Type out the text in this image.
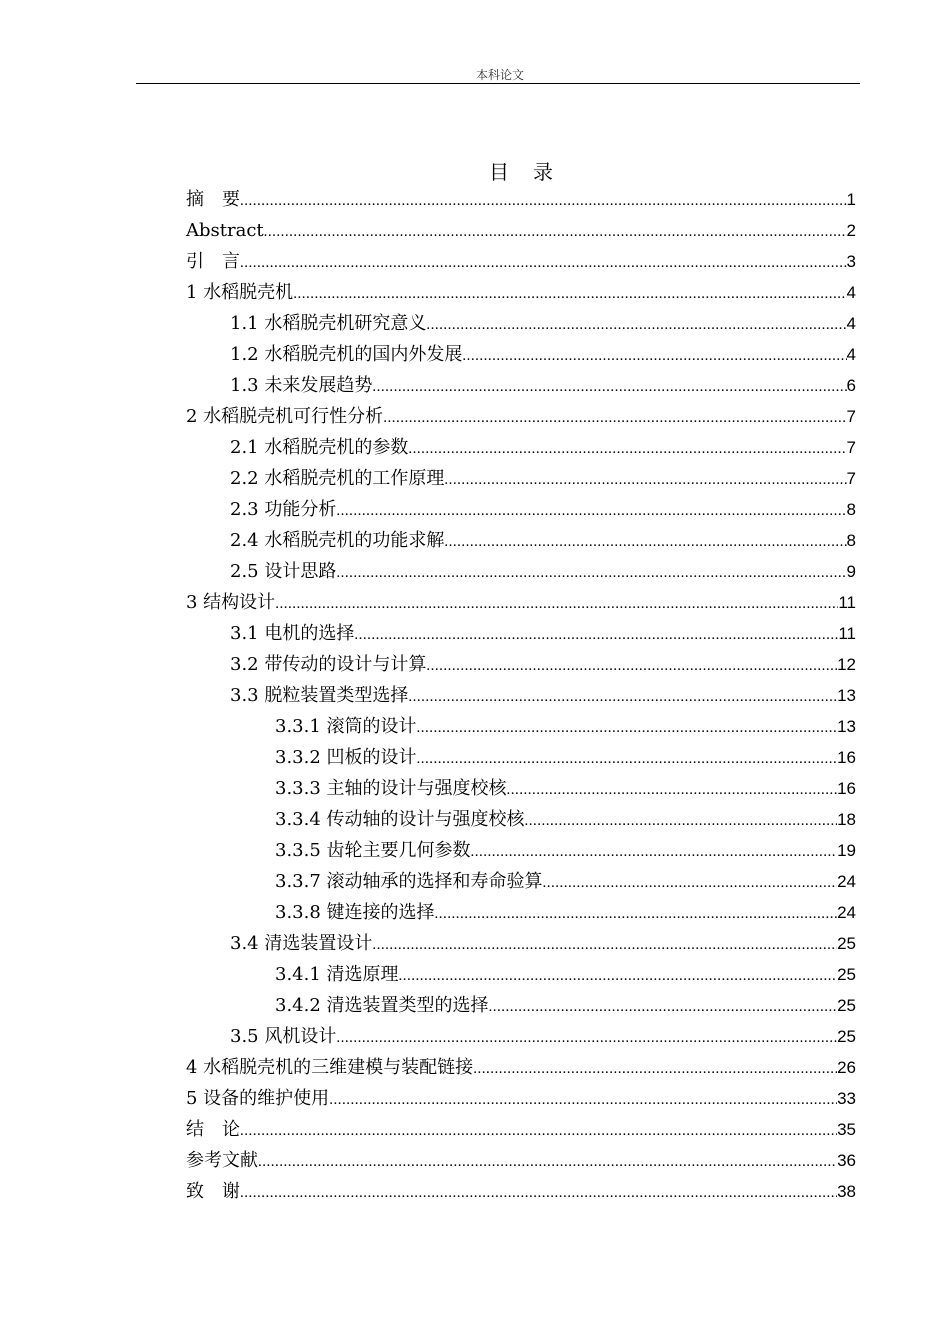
本科论文
目 录
摘　要 .....	1
Abstract .....	2
引　言 .....	3
1 水稻脱壳机 .....	4
1.1 水稻脱壳机研究意义 .....	4
1.2 水稻脱壳机的国内外发展 .....	4
1.3 未来发展趋势 .....	6
2 水稻脱壳机可行性分析 .....	7
2.1 水稻脱壳机的参数 .....	7
2.2 水稻脱壳机的工作原理 .....	7
2.3 功能分析 .....	8
2.4 水稻脱壳机的功能求解 .....	8
2.5 设计思路 .....	9
3 结构设计 .....	11
3.1 电机的选择 .....	11
3.2 带传动的设计与计算 .....	12
3.3 脱粒装置类型选择 .....	13
3.3.1 滚筒的设计 .....	13
3.3.2 凹板的设计 .....	16
3.3.3 主轴的设计与强度校核 .....	16
3.3.4 传动轴的设计与强度校核 .....	18
3.3.5 齿轮主要几何参数 .....	19
3.3.7 滚动轴承的选择和寿命验算 .....	24
3.3.8 键连接的选择 .....	24
3.4 清选装置设计 .....	25
3.4.1 清选原理 .....	25
3.4.2 清选装置类型的选择 .....	25
3.5 风机设计 .....	25
4 水稻脱壳机的三维建模与装配链接 .....	26
5 设备的维护使用 .....	33
结　论 .....	35
参考文献 .....	36
致　谢 .....	38
